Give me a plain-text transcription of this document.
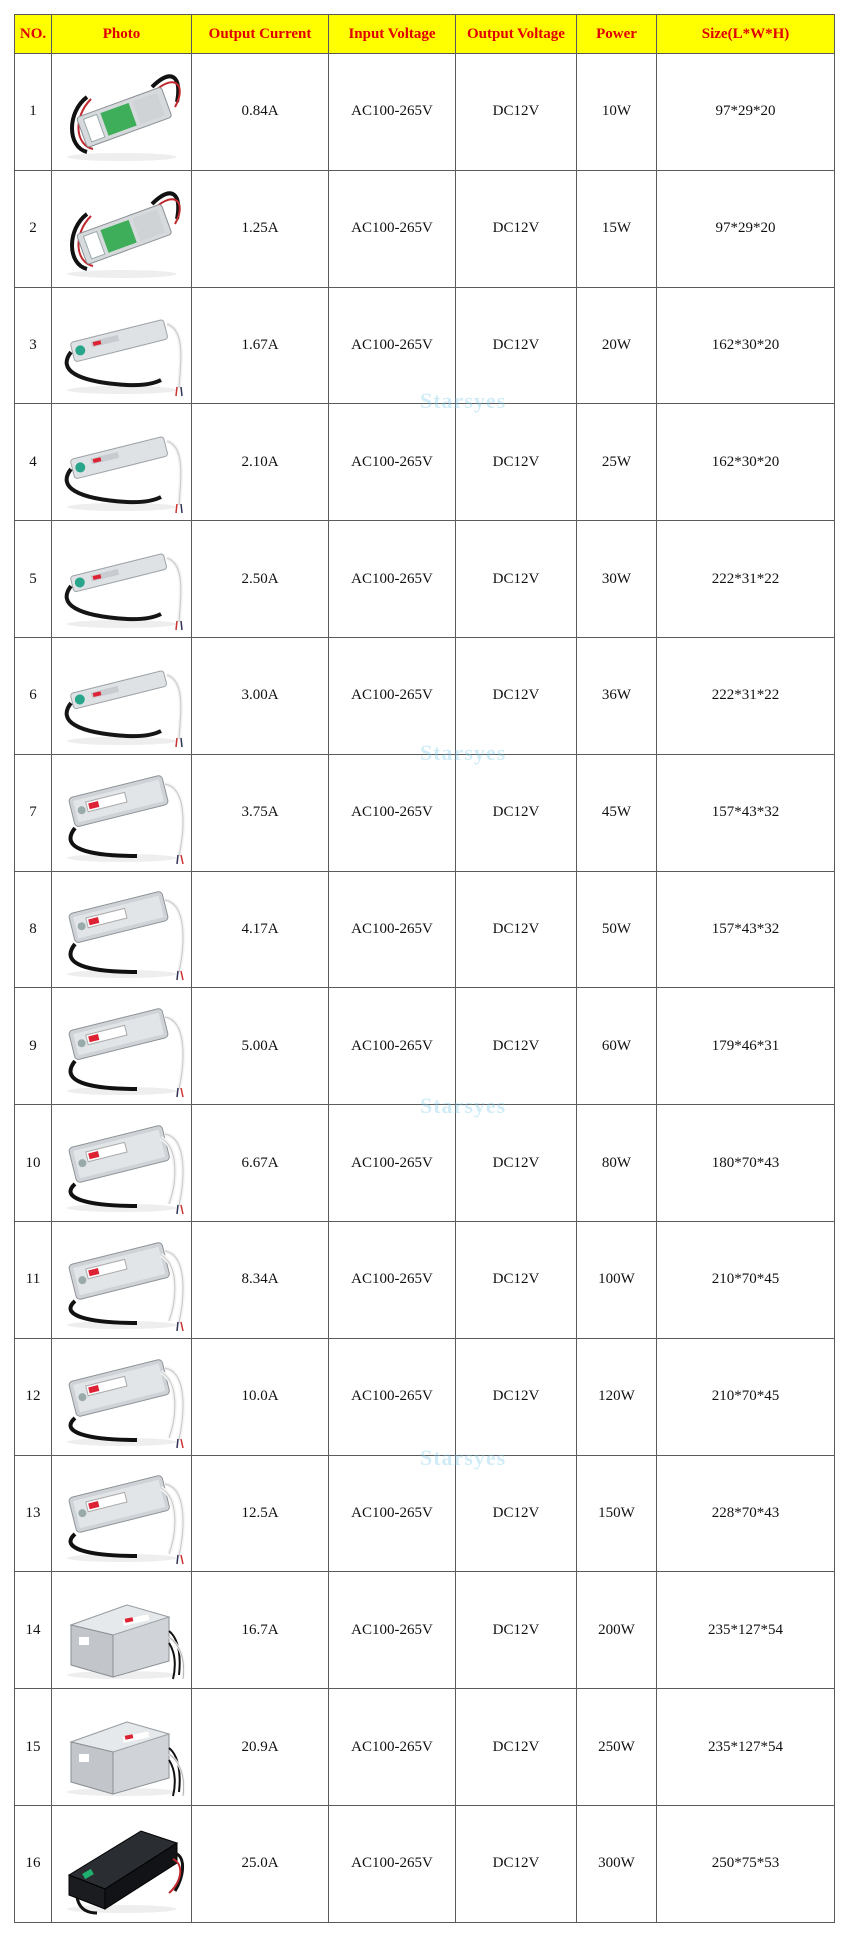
NO.	Photo	Output Current	Input Voltage	Output Voltage	Power	Size(L*W*H)
1		0.84A	AC100-265V	DC12V	10W	97*29*20
2		1.25A	AC100-265V	DC12V	15W	97*29*20
3		1.67A	AC100-265V	DC12V	20W	162*30*20
4		2.10A	AC100-265V	DC12V	25W	162*30*20
5		2.50A	AC100-265V	DC12V	30W	222*31*22
6		3.00A	AC100-265V	DC12V	36W	222*31*22
7		3.75A	AC100-265V	DC12V	45W	157*43*32
8		4.17A	AC100-265V	DC12V	50W	157*43*32
9		5.00A	AC100-265V	DC12V	60W	179*46*31
10		6.67A	AC100-265V	DC12V	80W	180*70*43
11		8.34A	AC100-265V	DC12V	100W	210*70*45
12		10.0A	AC100-265V	DC12V	120W	210*70*45
13		12.5A	AC100-265V	DC12V	150W	228*70*43
14		16.7A	AC100-265V	DC12V	200W	235*127*54
15		20.9A	AC100-265V	DC12V	250W	235*127*54
16		25.0A	AC100-265V	DC12V	300W	250*75*53
Starsyes
Starsyes
Starsyes
Starsyes
